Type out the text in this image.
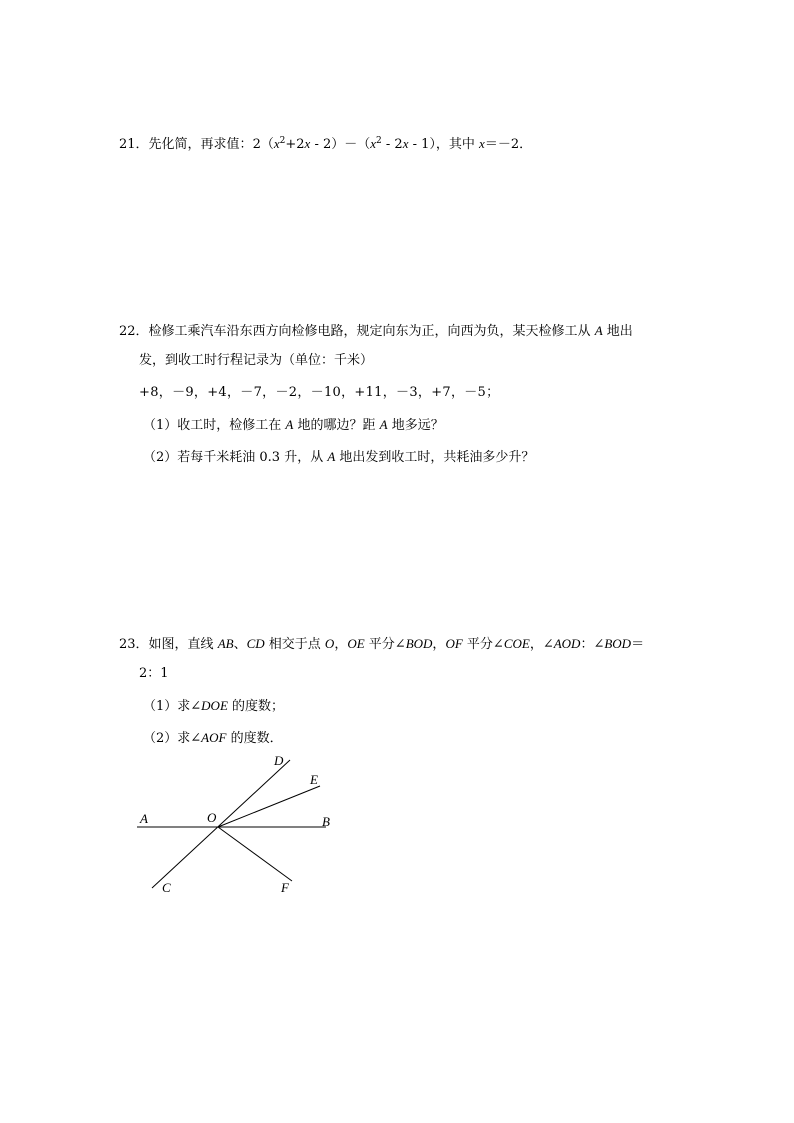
21．先化简，再求值：$2(x^2+2x - 2)-(x^2 - 2x - 1)$，其中 x＝－2．
22．检修工乘汽车沿东西方向检修电路，规定向东为正，向西为负，某天检修工从 A 地出
发，到收工时行程记录为（单位：千米）
+8，－9，+4，－7，－2，－10，+11，－3，+7，－5；
（1）收工时，检修工在 A 地的哪边？距 A 地多远？
（2）若每千米耗油 0.3 升，从 A 地出发到收工时，共耗油多少升？
23．如图，直线 AB、CD 相交于点 O，OE 平分∠BOD，OF 平分∠COE，∠AOD：∠BOD＝
2：1
（1）求∠DOE 的度数；
（2）求∠AOF 的度数．
A	O	B
D
E
C	F
